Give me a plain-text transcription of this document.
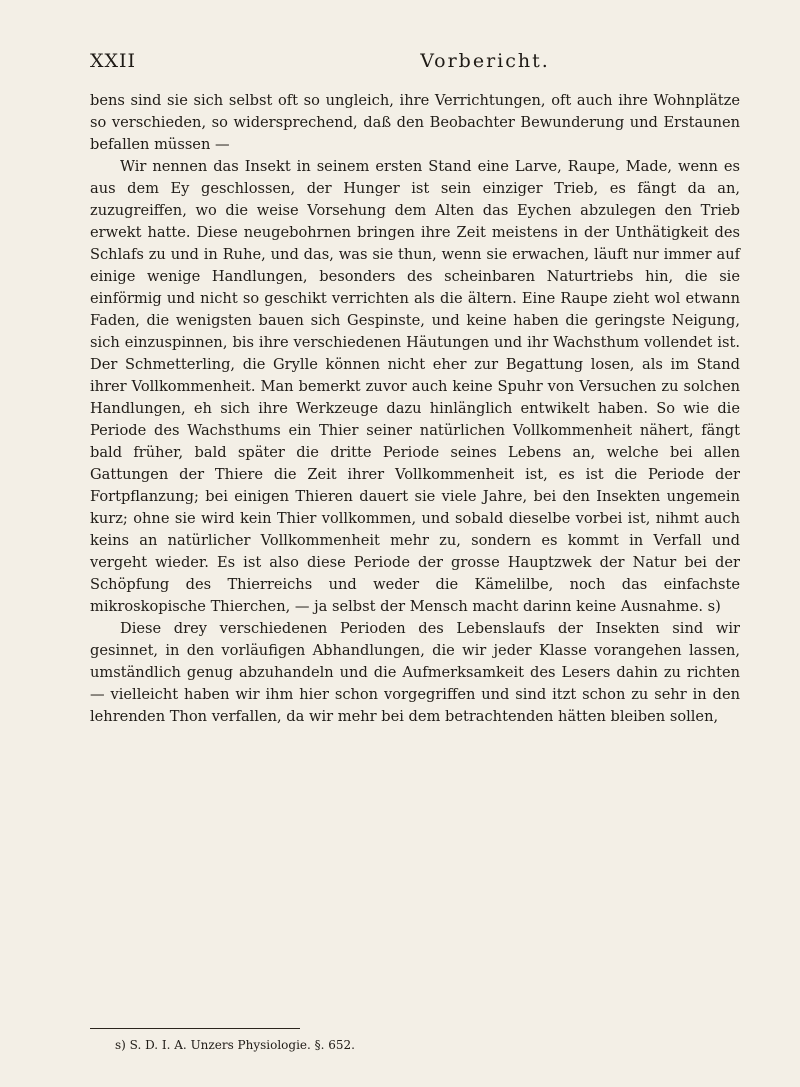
XXII	Vorbericht.

bens sind sie sich selbst oft so ungleich, ihre Verrichtungen, oft auch ihre Wohnplätze so verschieden, so widersprechend, daß den Beobachter Bewunderung und Erstaunen befallen müssen —

Wir nennen das Insekt in seinem ersten Stand eine Larve, Raupe, Made, wenn es aus dem Ey geschlossen, der Hunger ist sein einziger Trieb, es fängt da an, zuzugreiffen, wo die weise Vorsehung dem Alten das Eychen abzulegen den Trieb erwekt hatte. Diese neugebohrnen bringen ihre Zeit meistens in der Unthätigkeit des Schlafs zu und in Ruhe, und das, was sie thun, wenn sie erwachen, läuft nur immer auf einige wenige Handlungen, besonders des scheinbaren Naturtriebs hin, die sie einförmig und nicht so geschikt verrichten als die ältern. Eine Raupe zieht wol etwann Faden, die wenigsten bauen sich Gespinste, und keine haben die geringste Neigung, sich einzuspinnen, bis ihre verschiedenen Häutungen und ihr Wachsthum vollendet ist. Der Schmetterling, die Grylle können nicht eher zur Begattung losen, als im Stand ihrer Vollkommenheit. Man bemerkt zuvor auch keine Spuhr von Versuchen zu solchen Handlungen, eh sich ihre Werkzeuge dazu hinlänglich entwikelt haben. So wie die Periode des Wachsthums ein Thier seiner natürlichen Vollkommenheit nähert, fängt bald früher, bald später die dritte Periode seines Lebens an, welche bei allen Gattungen der Thiere die Zeit ihrer Vollkommenheit ist, es ist die Periode der Fortpflanzung; bei einigen Thieren dauert sie viele Jahre, bei den Insekten ungemein kurz; ohne sie wird kein Thier vollkommen, und sobald dieselbe vorbei ist, nihmt auch keins an natürlicher Vollkommenheit mehr zu, sondern es kommt in Verfall und vergeht wieder. Es ist also diese Periode der grosse Hauptzwek der Natur bei der Schöpfung des Thierreichs und weder die Kämelilbe, noch das einfachste mikroskopische Thierchen, — ja selbst der Mensch macht darinn keine Ausnahme. s)

Diese drey verschiedenen Perioden des Lebenslaufs der Insekten sind wir gesinnet, in den vorläufigen Abhandlungen, die wir jeder Klasse vorangehen lassen, umständlich genug abzuhandeln und die Aufmerksamkeit des Lesers dahin zu richten — vielleicht haben wir ihm hier schon vorgegriffen und sind itzt schon zu sehr in den lehrenden Thon verfallen, da wir mehr bei dem betrachtenden hätten bleiben sollen,

s) S. D. I. A. Unzers Physiologie. §. 652.
